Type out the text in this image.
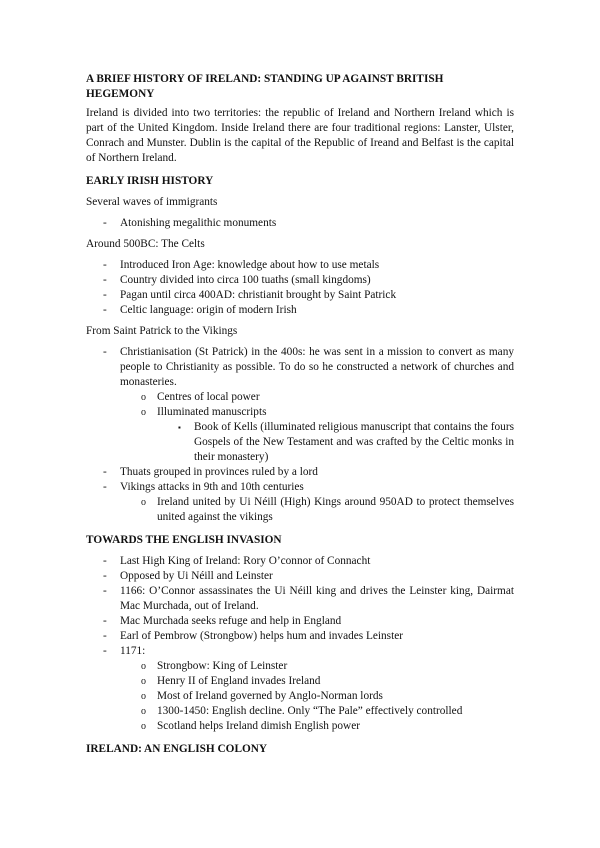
A BRIEF HISTORY OF IRELAND: STANDING UP AGAINST BRITISH HEGEMONY
Ireland is divided into two territories: the republic of Ireland and Northern Ireland which is part of the United Kingdom. Inside Ireland there are four traditional regions: Lanster, Ulster, Conrach and Munster. Dublin is the capital of the Republic of Ireand and Belfast is the capital of Northern Ireland.
EARLY IRISH HISTORY
Several waves of immigrants
- Atonishing megalithic monuments
Around 500BC: The Celts
- Introduced Iron Age: knowledge about how to use metals
- Country divided into circa 100 tuaths (small kingdoms)
- Pagan until circa 400AD: christianit brought by Saint Patrick
- Celtic language: origin of modern Irish
From Saint Patrick to the Vikings
- Christianisation (St Patrick) in the 400s: he was sent in a mission to convert as many people to Christianity as possible. To do so he constructed a network of churches and monasteries.
o Centres of local power
o Illuminated manuscripts
▪ Book of Kells (illuminated religious manuscript that contains the fours Gospels of the New Testament and was crafted by the Celtic monks in their monastery)
- Thuats grouped in provinces ruled by a lord
- Vikings attacks in 9th and 10th centuries
o Ireland united by Ui Néill (High) Kings around 950AD to protect themselves united against the vikings
TOWARDS THE ENGLISH INVASION
- Last High King of Ireland: Rory O’connor of Connacht
- Opposed by Ui Néill and Leinster
- 1166: O’Connor assassinates the Ui Néill king and drives the Leinster king, Dairmat Mac Murchada, out of Ireland.
- Mac Murchada seeks refuge and help in England
- Earl of Pembrow (Strongbow) helps hum and invades Leinster
- 1171:
o Strongbow: King of Leinster
o Henry II of England invades Ireland
o Most of Ireland governed by Anglo-Norman lords
o 1300-1450: English decline. Only “The Pale” effectively controlled
o Scotland helps Ireland dimish English power
IRELAND: AN ENGLISH COLONY
